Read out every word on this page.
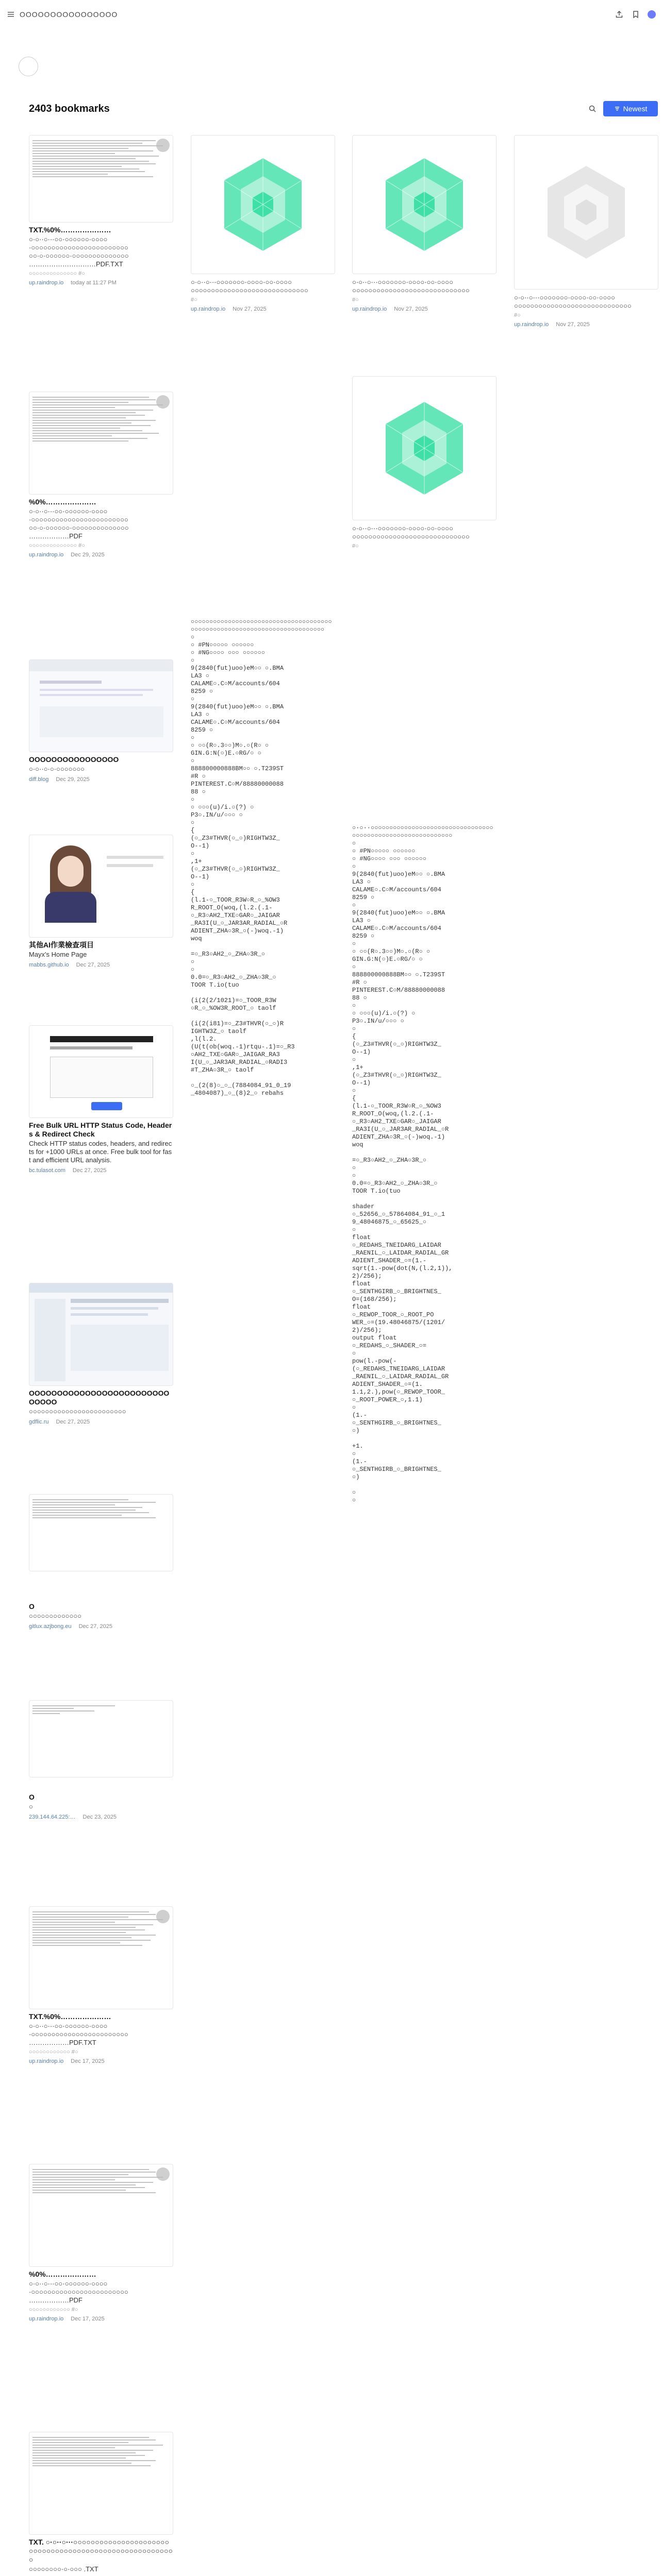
OOOOOOOOOOOOOOOO
2403 bookmarks	Newest
TXT.%0%…………………
○·○··○···○○·○○○○○○·○○○○
·○○○○○○○○○○○○○○○○○○○○○○○○
○○·○·○○○○○○·○○○○○○○○○○○○○○
…………………………PDF.TXT
○○○○○○○○○○○○○○ #○
up.raindrop.io today at 11:27 PM
%0%…………………
○·○··○···○○·○○○○○○·○○○○
·○○○○○○○○○○○○○○○○○○○○○○○○
○○·○·○○○○○○·○○○○○○○○○○○○○○
………………PDF
○○○○○○○○○○○○○○ #○
up.raindrop.io Dec 29, 2025
OOOOOOOOOOOOOOOO
○·○··○·○·○○○○○○○
diff.blog Dec 29, 2025
其他AI作業檢查項目
Mayx's Home Page
mabbs.github.io Dec 27, 2025
Free Bulk URL HTTP Status Code, Headers & Redirect Check
Check HTTP status codes, headers, and redirects for +1000 URLs at once. Free bulk tool for fast and efficient URL analysis.
bc.tulasot.com Dec 27, 2025
OOOOOOOOOOOOOOOOOOOOOOOOOOOOOO
○○○○○○○○○○○○○○○○○○○○○○○○
gdflic.ru Dec 27, 2025
O
○○○○○○○○○○○○○
gitlux.azjbong.eu Dec 27, 2025
O
○
239.144.64.225:… Dec 23, 2025
TXT.%0%…………………
○·○··○···○○·○○○○○○·○○○○
·○○○○○○○○○○○○○○○○○○○○○○○○
………………PDF.TXT
○○○○○○○○○○○○ #○
up.raindrop.io Dec 17, 2025
%0%…………………
○·○··○···○○·○○○○○○·○○○○
·○○○○○○○○○○○○○○○○○○○○○○○○
………………PDF
○○○○○○○○○○○○ #○
up.raindrop.io Dec 17, 2025
TXT. ○·○··○···○○○○○○○○○○○○○○○○○○○○○○○○○○○○○○○○○○○○○○○○○○○○○○○○○○○○○○○○
○○○○○○○○·○·○○○ .TXT
○·○··○···○○○○○○○·○○○○·○○·○○○○
○○○○○○○○○○○○○○○○○○○○○○○○○○○○○
#○
up.raindrop.io Nov 27, 2025
○○○○○○○○○○○○○○○○○○○○○○○○○○○○○○○○○○○○○○○○○○○○○○○○○○○○○○○○○○○○○○○○○○○○○○○○○○
○
○ #PN○○○○○ ○○○○○○
○ #NG○○○○ ○○○ ○○○○○○
○
9(2840(fut)uoo)eM○○ ○.BMA
LA3 ○
CALAME○.C○M/accounts/604
8259 ○
○
9(2840(fut)uoo)eM○○ ○.BMA
LA3 ○
CALAME○.C○M/accounts/604
8259 ○
○
○ ○○(R○.3○○)M○.○(R○ ○
GIN.G:N(○)E.○RG/○ ○
○
888800000888BM○○ ○.T239ST
#R ○
PINTEREST.C○M/88880000088
88 ○
○
○ ○○○(u)/i.○(?) ○
P3○.IN/u/○○○ ○
○
{
(○_Z3#THVR(○_○)RIGHTW3Z_
O--1)
○
,1+
(○_Z3#THVR(○_○)RIGHTW3Z_
O--1)
○
{
(l.1-○_TOOR_R3W○R_○_%OW3
R_ROOT_O(woq,(l.2.(.1-
○_R3○AH2_TXE○GAR○_JAIGAR
_RA3I(U_○_JAR3AR_RADIAL_○R
ADIENT_ZHA○3R_○(-)woq.-1)
woq

=○_R3○AH2_○_ZHA○3R_○
○
○
0.0=○_R3○AH2_○_ZHA○3R_○
TOOR T.io(tuo

(i(2(2/1021)=○_TOOR_R3W
○R_○_%OW3R_ROOT_○ taolf

(i(2(i81)=○_Z3#THVR(○_○)R
IGHTW3Z_○ taolf
,l(l.2.
(U(t(ob(woq.-1)rtqu-.1)=○_R3
○AH2_TXE○GAR○_JAIGAR_RA3
I(U_○_JAR3AR_RADIAL_○RADI3
#T_ZHA○3R_○ taolf

○_(2(8)○_○_(7884084_91_0_19
_4804087)_○_(8)2_○ rebahs
○·○··○···○○○○○○○·○○○○·○○·○○○○
○○○○○○○○○○○○○○○○○○○○○○○○○○○○○
#○
up.raindrop.io Nov 27, 2025
○·○··○···○○○○○○○·○○○○·○○·○○○○
○○○○○○○○○○○○○○○○○○○○○○○○○○○○○
#○
○·○··○○○○○○○○○○○○○○○○○○○○○○○○○○○○○○○○○○○○○○○○○○○○○○○○○○○○○○○○○○○○
○
○ #PN○○○○○ ○○○○○○
○ #NG○○○○ ○○○ ○○○○○○
○
9(2840(fut)uoo)eM○○ ○.BMA
LA3 ○
CALAME○.C○M/accounts/604
8259 ○
○
9(2840(fut)uoo)eM○○ ○.BMA
LA3 ○
CALAME○.C○M/accounts/604
8259 ○
○
○ ○○(R○.3○○)M○.○(R○ ○
GIN.G:N(○)E.○RG/○ ○
○
888800000888BM○○ ○.T239ST
#R ○
PINTEREST.C○M/88880000088
88 ○
○
○ ○○○(u)/i.○(?) ○
P3○.IN/u/○○○ ○
○
{
(○_Z3#THVR(○_○)RIGHTW3Z_
O--1)
○
,1+
(○_Z3#THVR(○_○)RIGHTW3Z_
O--1)
○
{
(l.1-○_TOOR_R3W○R_○_%OW3
R_ROOT_O(woq,(l.2.(.1-
○_R3○AH2_TXE○GAR○_JAIGAR
_RA3I(U_○_JAR3AR_RADIAL_○R
ADIENT_ZHA○3R_○(-)woq.-1)
woq

=○_R3○AH2_○_ZHA○3R_○
○
○
0.0=○_R3○AH2_○_ZHA○3R_○
TOOR T.io(tuo

shader
○_52656_○_57864084_91_○_1
9_48046875_○_65625_○
○
float
○_REDAHS_TNEIDARG_LAIDAR
_RAENIL_○_LAIDAR_RADIAL_GR
ADIENT_SHADER_○=(1.-
sqrt(1.-pow(dot(N,(l.2,1)),
2)/256);
float
○_SENTHGIRB_○_BRIGHTNES_
O=(168/256);
float
○_REWOP_TOOR_○_ROOT_PO
WER_○=(19.48046875/(1201/
2)/256);
output float
○_REDAHS_○_SHADER_○=
○
pow(l.-pow(-
(○_REDAHS_TNEIDARG_LAIDAR
_RAENIL_○_LAIDAR_RADIAL_GR
ADIENT_SHADER_○=(1.
1.1,2.),pow(○_REWOP_TOOR_
○_ROOT_POWER_○,1.1)
○
(1.-
○_SENTHGIRB_○_BRIGHTNES_
○)

+1.
○
(1.-
○_SENTHGIRB_○_BRIGHTNES_
○)

○
○
○·○··○···○○○○○○○·○○○○·○○·○○○○
○○○○○○○○○○○○○○○○○○○○○○○○○○○○○
#○
up.raindrop.io Nov 27, 2025
